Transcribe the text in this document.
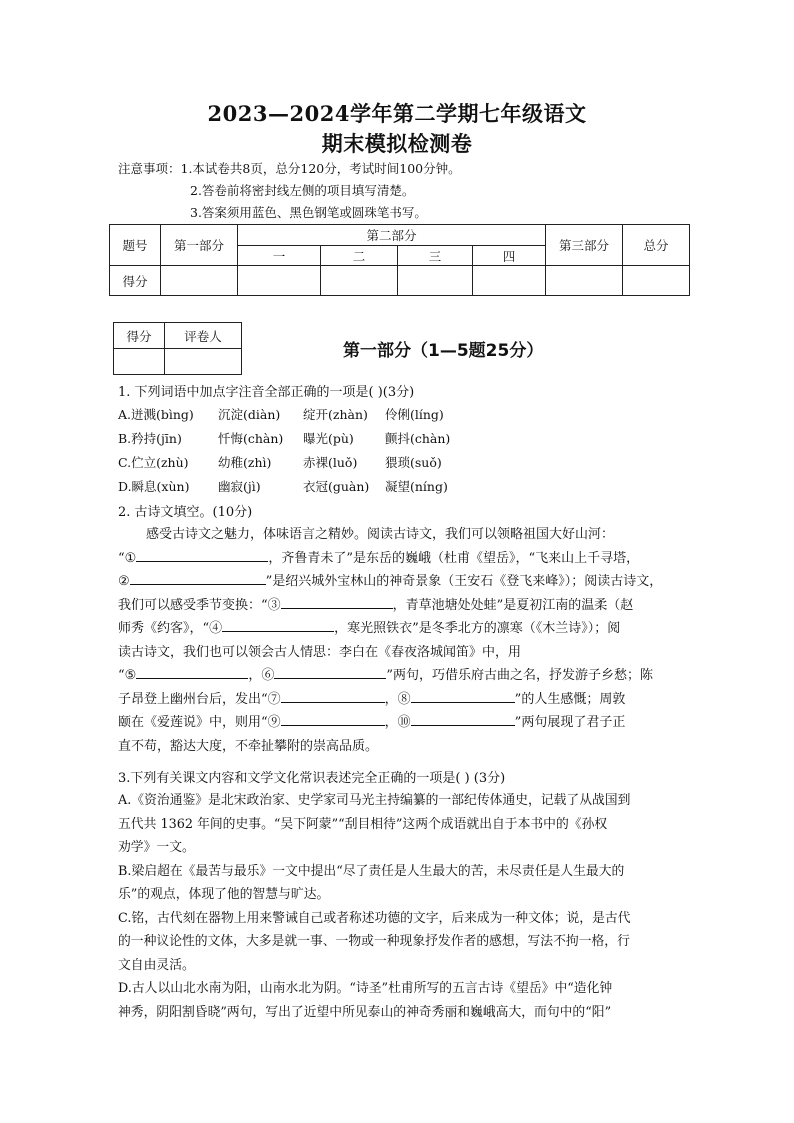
2023—2024学年第二学期七年级语文
期末模拟检测卷
注意事项：1.本试卷共8页，总分120分，考试时间100分钟。
2.答卷前将密封线左侧的项目填写清楚。
3.答案须用蓝色、黑色钢笔或圆珠笔书写。
题号	第一部分	第二部分				第三部分	总分
		一	二	三	四		
得分							
得分	评卷人

第一部分（1—5题25分）
1. 下列词语中加点字注音全部正确的一项是( )(3分)
A.迸溅(bìng) 沉淀(diàn) 绽开(zhàn) 伶俐(líng)
B.矜持(jīn)	忏悔(chàn) 曝光(pù) 颤抖(chàn)
C.伫立(zhù) 幼稚(zhì)	赤裸(luǒ) 猥琐(suǒ)
D.瞬息(xùn) 幽寂(jì)	衣冠(guàn) 凝望(níng)
2. 古诗文填空。(10分)
感受古诗文之魅力，体味语言之精妙。阅读古诗文，我们可以领略祖国大好山河：
“①	，齐鲁青未了”是东岳的巍峨（杜甫《望岳》，“飞来山上千寻塔，
②	”是绍兴城外宝林山的神奇景象（王安石《登飞来峰》）；阅读古诗文，
我们可以感受季节变换：“③	，青草池塘处处蛙”是夏初江南的温柔（赵
师秀《约客》，“④	，寒光照铁衣”是冬季北方的凛寒（《木兰诗》）；阅
读古诗文，我们也可以领会古人情思：李白在《春夜洛城闻笛》中，用
“⑤	，⑥	”两句，巧借乐府古曲之名，抒发游子乡愁；陈
子昂登上幽州台后，发出“⑦	，⑧	”的人生感慨；周敦
颐在《爱莲说》中，则用“⑨	，⑩	”两句展现了君子正
直不苟，豁达大度，不牵扯攀附的崇高品质。
3.下列有关课文内容和文学文化常识表述完全正确的一项是( ) (3分)
A.《资治通鉴》是北宋政治家、史学家司马光主持编纂的一部纪传体通史，记载了从战国到
五代共 1362 年间的史事。“吴下阿蒙”“刮目相待”这两个成语就出自于本书中的《孙权
劝学》一文。
B.梁启超在《最苦与最乐》一文中提出“尽了责任是人生最大的苦，未尽责任是人生最大的
乐”的观点，体现了他的智慧与旷达。
C.铭，古代刻在器物上用来警诫自己或者称述功德的文字，后来成为一种文体；说，是古代
的一种议论性的文体，大多是就一事、一物或一种现象抒发作者的感想，写法不拘一格，行
文自由灵活。
D.古人以山北水南为阳，山南水北为阴。“诗圣”杜甫所写的五言古诗《望岳》中“造化钟
神秀，阴阳割昏晓”两句，写出了近望中所见泰山的神奇秀丽和巍峨高大，而句中的“阳”
